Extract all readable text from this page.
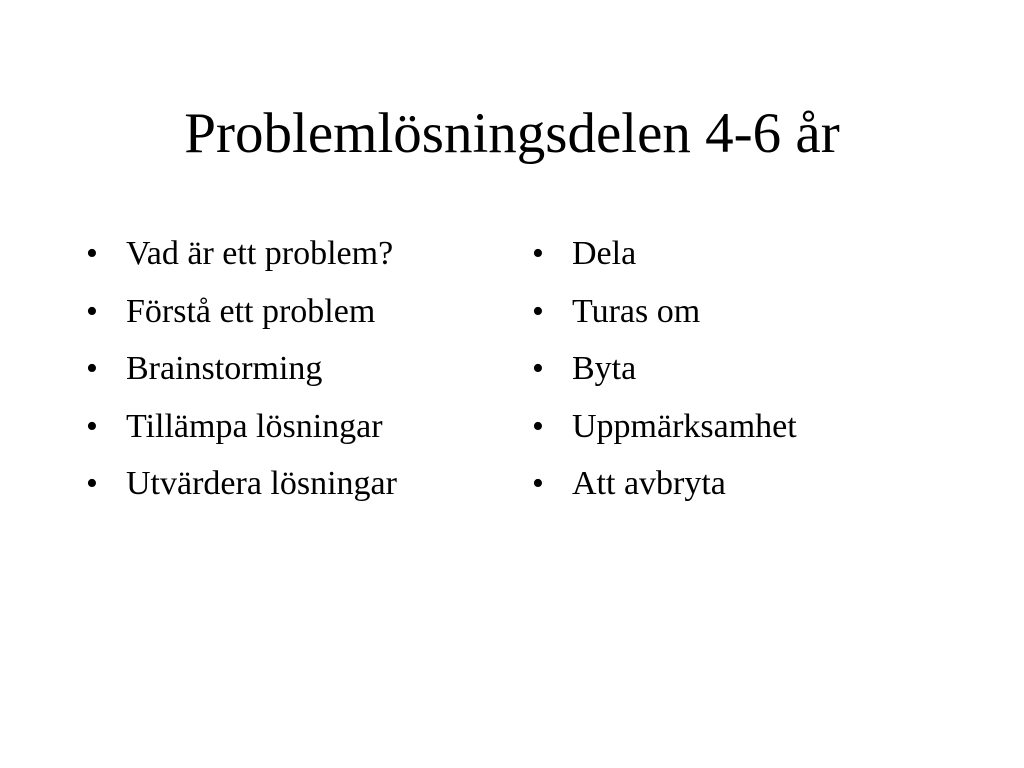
Problemlösningsdelen 4-6 år
• Vad är ett problem?
• Förstå ett problem
• Brainstorming
• Tillämpa lösningar
• Utvärdera lösningar
• Dela
• Turas om
• Byta
• Uppmärksamhet
• Att avbryta
